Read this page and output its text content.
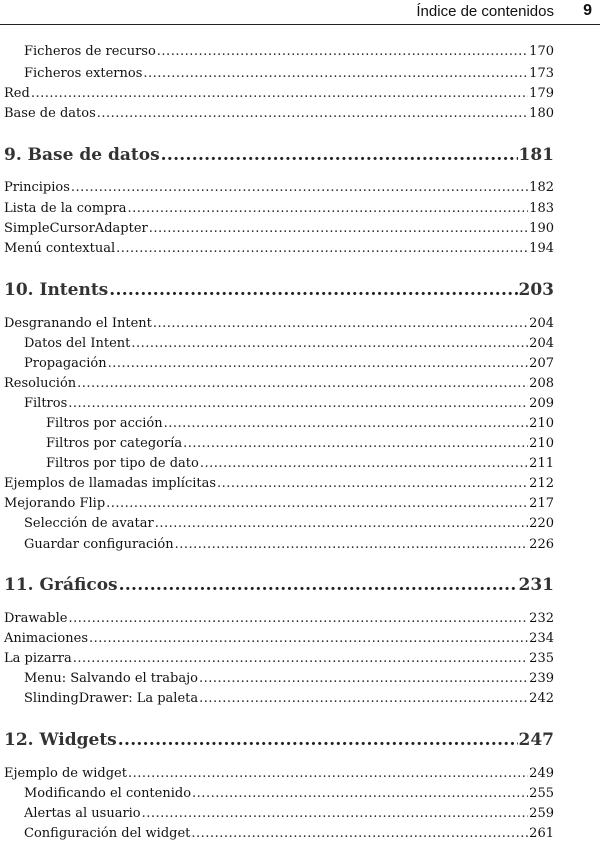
Índice de contenidos 9
Ficheros de recurso .....	170
Ficheros externos .....	173
Red .....	179
Base de datos .....	180
9. Base de datos .....	181
Principios .....	182
Lista de la compra .....	183
SimpleCursorAdapter .....	190
Menú contextual .....	194
10. Intents .....	203
Desgranando el Intent .....	204
Datos del Intent .....	204
Propagación .....	207
Resolución .....	208
Filtros .....	209
Filtros por acción .....	210
Filtros por categoría .....	210
Filtros por tipo de dato .....	211
Ejemplos de llamadas implícitas .....	212
Mejorando Flip .....	217
Selección de avatar .....	220
Guardar configuración .....	226
11. Gráficos .....	231
Drawable .....	232
Animaciones .....	234
La pizarra .....	235
Menu: Salvando el trabajo .....	239
SlindingDrawer: La paleta .....	242
12. Widgets .....	247
Ejemplo de widget .....	249
Modificando el contenido .....	255
Alertas al usuario .....	259
Configuración del widget .....	261
